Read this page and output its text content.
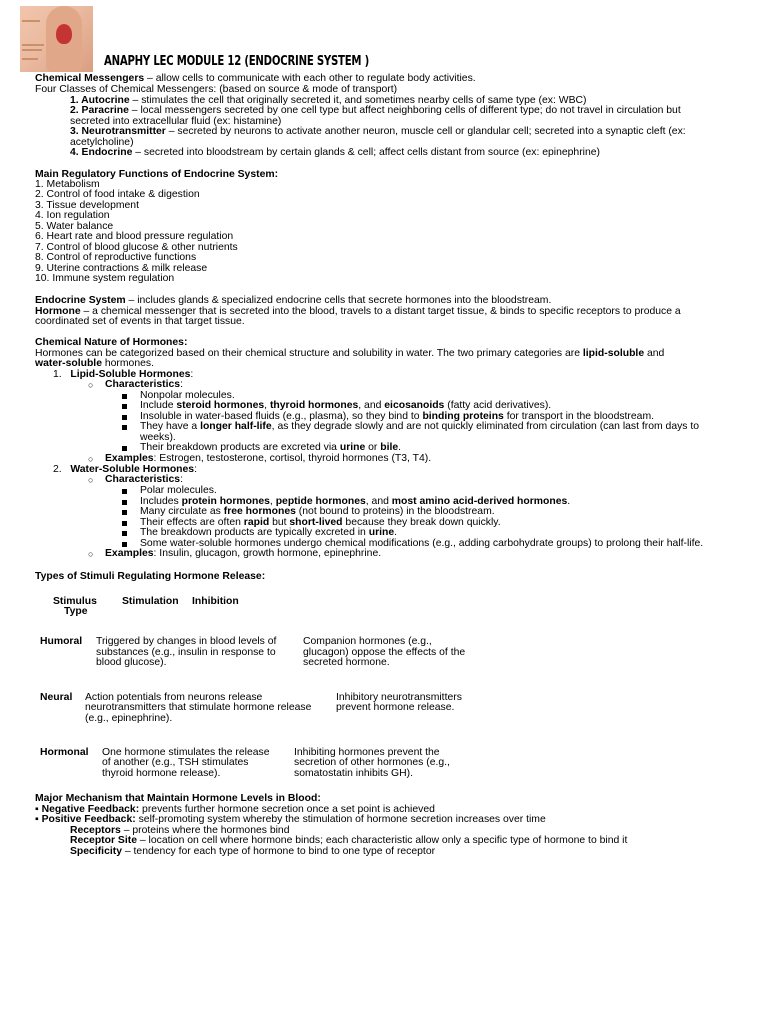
ANAPHY LEC MODULE 12 (ENDOCRINE SYSTEM )
Chemical Messengers – allow cells to communicate with each other to regulate body activities.
Four Classes of Chemical Messengers: (based on source & mode of transport)
1. Autocrine – stimulates the cell that originally secreted it, and sometimes nearby cells of same type (ex: WBC)
2. Paracrine – local messengers secreted by one cell type but affect neighboring cells of different type; do not travel in circulation but
secreted into extracellular fluid (ex: histamine)
3. Neurotransmitter – secreted by neurons to activate another neuron, muscle cell or glandular cell; secreted into a synaptic cleft (ex:
acetylcholine)
4. Endocrine – secreted into bloodstream by certain glands & cell; affect cells distant from source (ex: epinephrine)
Main Regulatory Functions of Endocrine System:
1. Metabolism
2. Control of food intake & digestion
3. Tissue development
4. Ion regulation
5. Water balance
6. Heart rate and blood pressure regulation
7. Control of blood glucose & other nutrients
8. Control of reproductive functions
9. Uterine contractions & milk release
10. Immune system regulation
Endocrine System – includes glands & specialized endocrine cells that secrete hormones into the bloodstream.
Hormone – a chemical messenger that is secreted into the blood, travels to a distant target tissue, & binds to specific receptors to produce a
coordinated set of events in that target tissue.
Chemical Nature of Hormones:
Hormones can be categorized based on their chemical structure and solubility in water. The two primary categories are lipid-soluble and
water-soluble hormones.
1. Lipid-Soluble Hormones:
○ Characteristics:
Nonpolar molecules.
Include steroid hormones, thyroid hormones, and eicosanoids (fatty acid derivatives).
Insoluble in water-based fluids (e.g., plasma), so they bind to binding proteins for transport in the bloodstream.
They have a longer half-life, as they degrade slowly and are not quickly eliminated from circulation (can last from days to
weeks).
Their breakdown products are excreted via urine or bile.
○ Examples: Estrogen, testosterone, cortisol, thyroid hormones (T3, T4).
2. Water-Soluble Hormones:
○ Characteristics:
Polar molecules.
Includes protein hormones, peptide hormones, and most amino acid-derived hormones.
Many circulate as free hormones (not bound to proteins) in the bloodstream.
Their effects are often rapid but short-lived because they break down quickly.
The breakdown products are typically excreted in urine.
Some water-soluble hormones undergo chemical modifications (e.g., adding carbohydrate groups) to prolong their half-life.
○ Examples: Insulin, glucagon, growth hormone, epinephrine.
Types of Stimuli Regulating Hormone Release:
Stimulus
Type
Stimulation Inhibition
Humoral Triggered by changes in blood levels of
substances (e.g., insulin in response to
blood glucose).
Companion hormones (e.g.,
glucagon) oppose the effects of the
secreted hormone.
Neural Action potentials from neurons release
neurotransmitters that stimulate hormone release
(e.g., epinephrine).
Inhibitory neurotransmitters
prevent hormone release.
Hormonal One hormone stimulates the release
of another (e.g., TSH stimulates
thyroid hormone release).
Inhibiting hormones prevent the
secretion of other hormones (e.g.,
somatostatin inhibits GH).
Major Mechanism that Maintain Hormone Levels in Blood:
▪ Negative Feedback: prevents further hormone secretion once a set point is achieved
▪ Positive Feedback: self-promoting system whereby the stimulation of hormone secretion increases over time
Receptors – proteins where the hormones bind
Receptor Site – location on cell where hormone binds; each characteristic allow only a specific type of hormone to bind it
Specificity – tendency for each type of hormone to bind to one type of receptor
